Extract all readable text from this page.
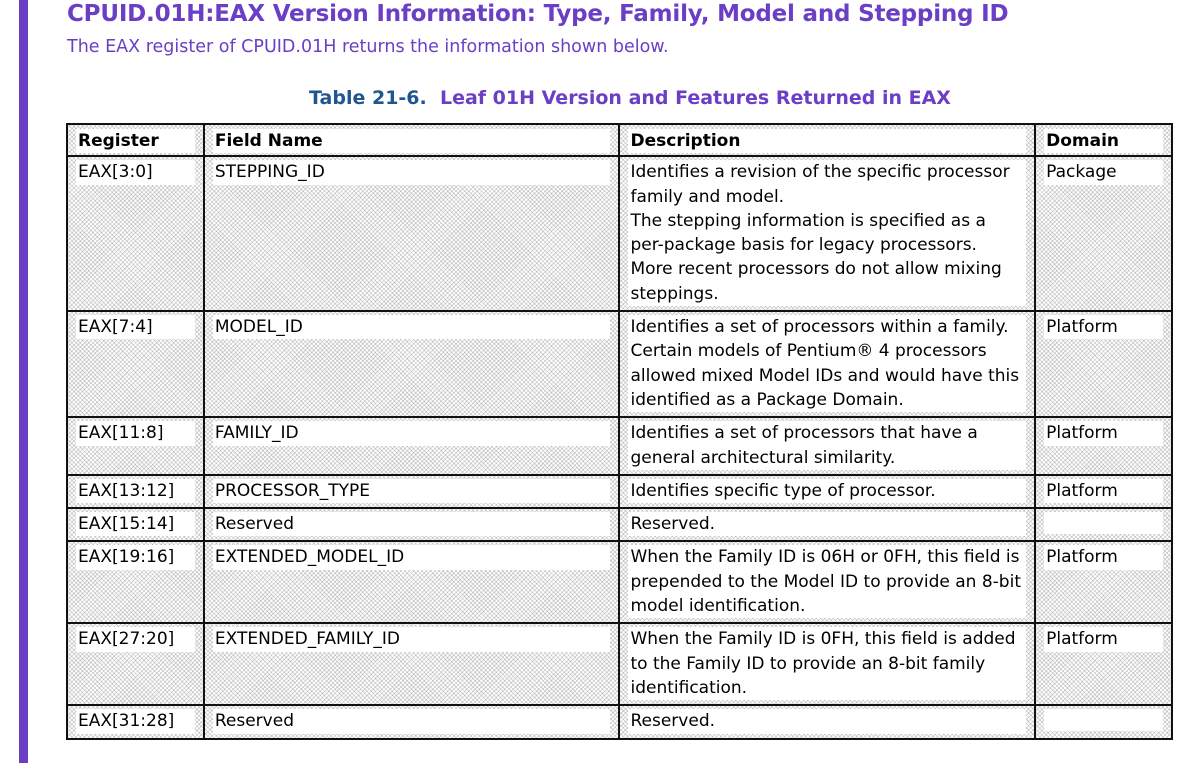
CPUID.01H:EAX Version Information: Type, Family, Model and Stepping ID
The EAX register of CPUID.01H returns the information shown below.
Table 21-6. Leaf 01H Version and Features Returned in EAX
Register	Field Name	Description	Domain

EAX[3:0]	STEPPING_ID	Identifies a revision of the specific processor family and model.
The stepping information is specified as a per-package basis for legacy processors. More recent processors do not allow mixing steppings.	Package

EAX[7:4]	MODEL_ID	Identifies a set of processors within a family. Certain models of Pentium® 4 processors allowed mixed Model IDs and would have this identified as a Package Domain.	Platform

EAX[11:8]	FAMILY_ID	Identifies a set of processors that have a general architectural similarity.	Platform

EAX[13:12]	PROCESSOR_TYPE	Identifies specific type of processor.	Platform

EAX[15:14]	Reserved	Reserved.	

EAX[19:16]	EXTENDED_MODEL_ID	When the Family ID is 06H or 0FH, this field is prepended to the Model ID to provide an 8-bit model identification.	Platform

EAX[27:20]	EXTENDED_FAMILY_ID	When the Family ID is 0FH, this field is added to the Family ID to provide an 8-bit family identification.	Platform

EAX[31:28]	Reserved	Reserved.	
